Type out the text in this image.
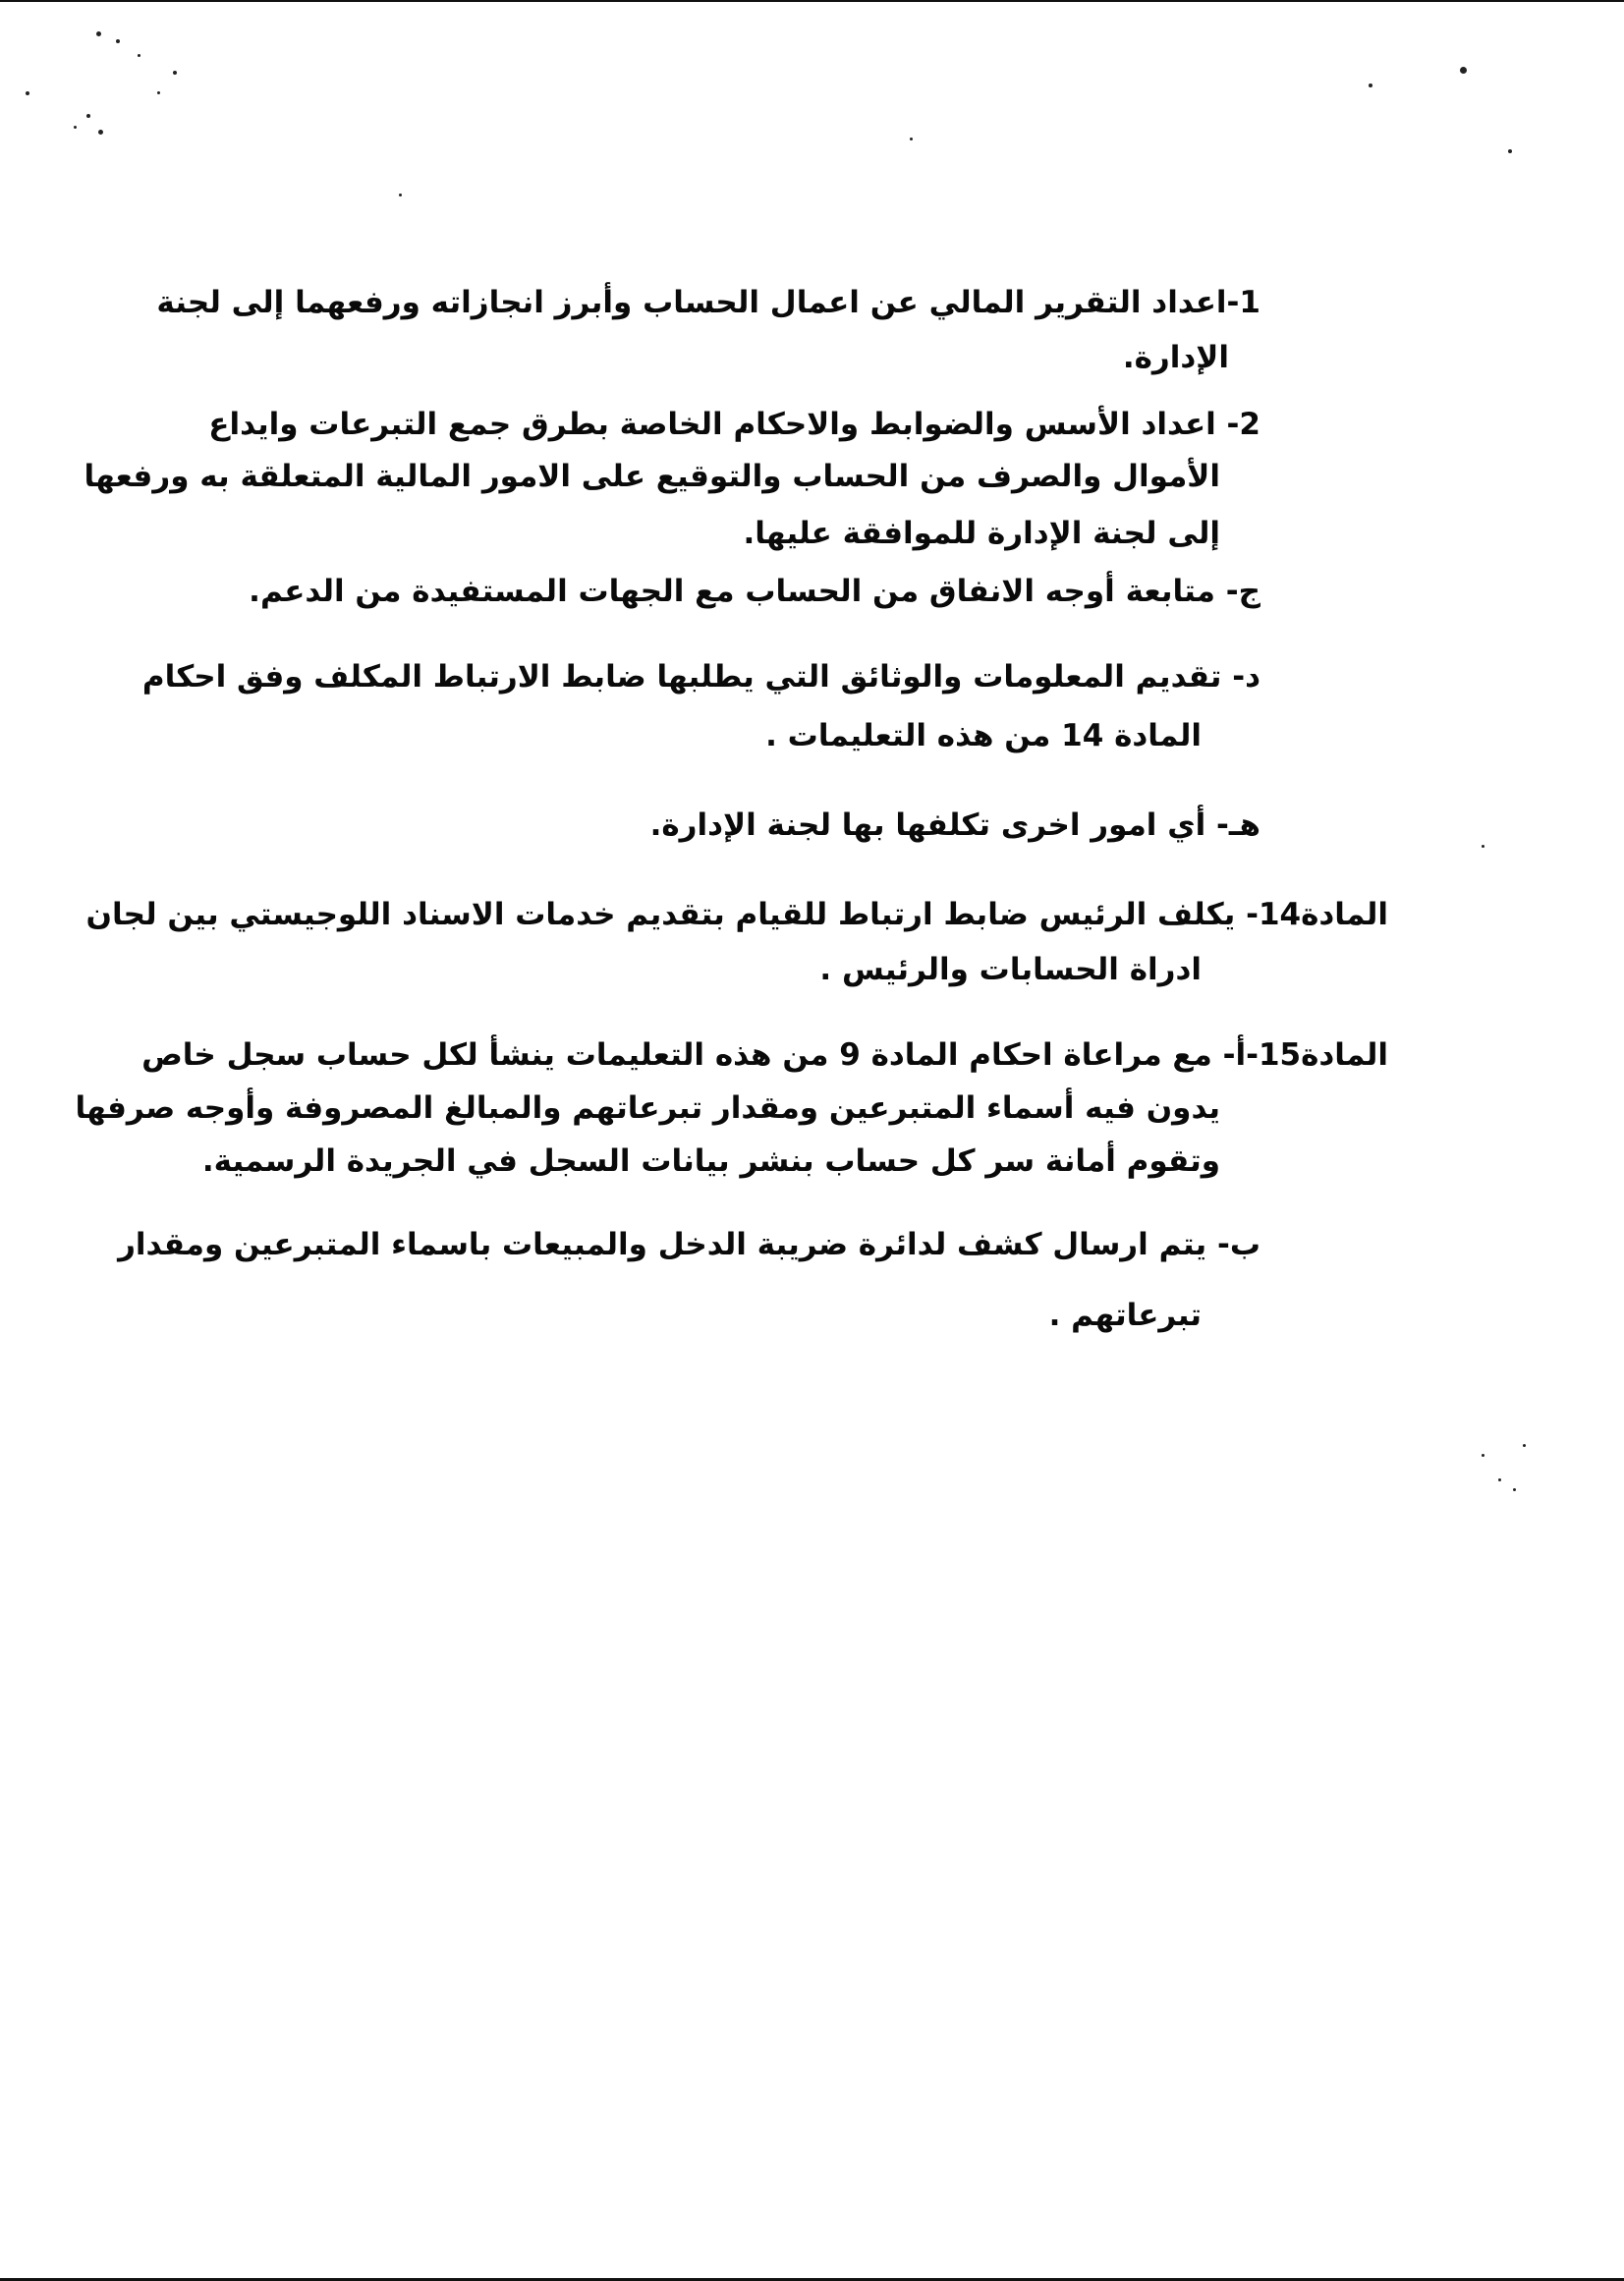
1-اعداد التقرير المالي عن اعمال الحساب وأبرز انجازاته ورفعهما إلى لجنة
الإدارة.
2- اعداد الأسس والضوابط والاحكام الخاصة بطرق جمع التبرعات وايداع
الأموال والصرف من الحساب والتوقيع على الامور المالية المتعلقة به ورفعها
إلى لجنة الإدارة للموافقة عليها.
ج- متابعة أوجه الانفاق من الحساب مع الجهات المستفيدة من الدعم.
د- تقديم المعلومات والوثائق التي يطلبها ضابط الارتباط المكلف وفق احكام
المادة 14 من هذه التعليمات .
هـ- أي امور اخرى تكلفها بها لجنة الإدارة.
المادة14- يكلف الرئيس ضابط ارتباط للقيام بتقديم خدمات الاسناد اللوجيستي بين لجان
ادراة الحسابات والرئيس .
المادة15-أ- مع مراعاة احكام المادة 9 من هذه التعليمات ينشأ لكل حساب سجل خاص
يدون فيه أسماء المتبرعين ومقدار تبرعاتهم والمبالغ المصروفة وأوجه صرفها
وتقوم أمانة سر كل حساب بنشر بيانات السجل في الجريدة الرسمية.
ب- يتم ارسال كشف لدائرة ضريبة الدخل والمبيعات باسماء المتبرعين ومقدار
تبرعاتهم .
